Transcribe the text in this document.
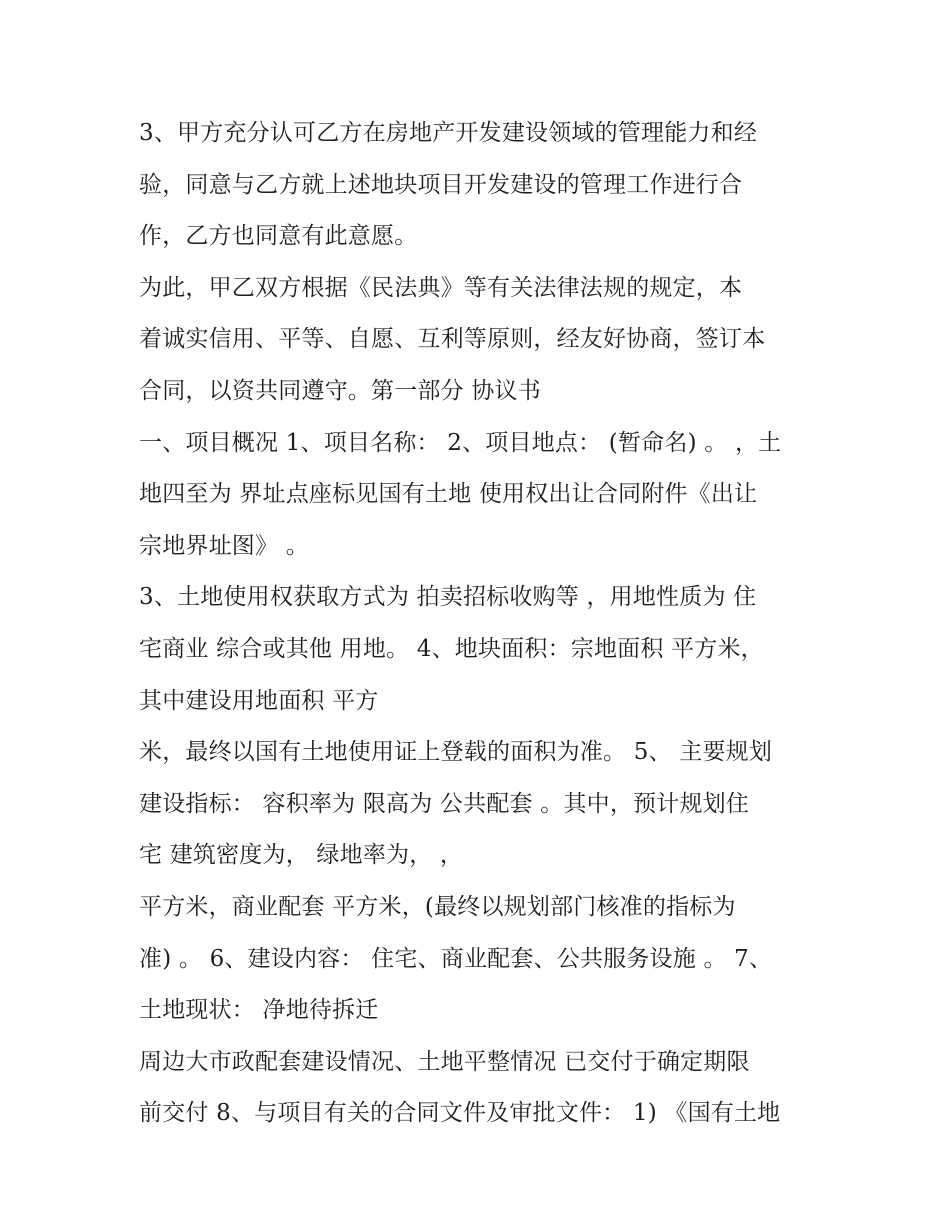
3、甲方充分认可乙方在房地产开发建设领域的管理能力和经
验，同意与乙方就上述地块项目开发建设的管理工作进行合
作，乙方也同意有此意愿。
为此，甲乙双方根据《民法典》等有关法律法规的规定，本
着诚实信用、平等、自愿、互利等原则，经友好协商，签订本
合同，以资共同遵守。第一部分 协议书
一、项目概况 1、项目名称： 2、项目地点： (暂命名) 。 ，土
地四至为 界址点座标见国有土地 使用权出让合同附件《出让
宗地界址图》 。
3、土地使用权获取方式为 拍卖招标收购等 ，用地性质为 住
宅商业 综合或其他 用地。 4、地块面积：宗地面积 平方米，
其中建设用地面积 平方
米，最终以国有土地使用证上登载的面积为准。 5、 主要规划
建设指标： 容积率为 限高为 公共配套 。其中，预计规划住
宅 建筑密度为， 绿地率为， ，
平方米，商业配套 平方米，(最终以规划部门核准的指标为
准) 。 6、建设内容： 住宅、商业配套、公共服务设施 。 7、
土地现状： 净地待拆迁
周边大市政配套建设情况、土地平整情况 已交付于确定期限
前交付 8、与项目有关的合同文件及审批文件： 1) 《国有土地
